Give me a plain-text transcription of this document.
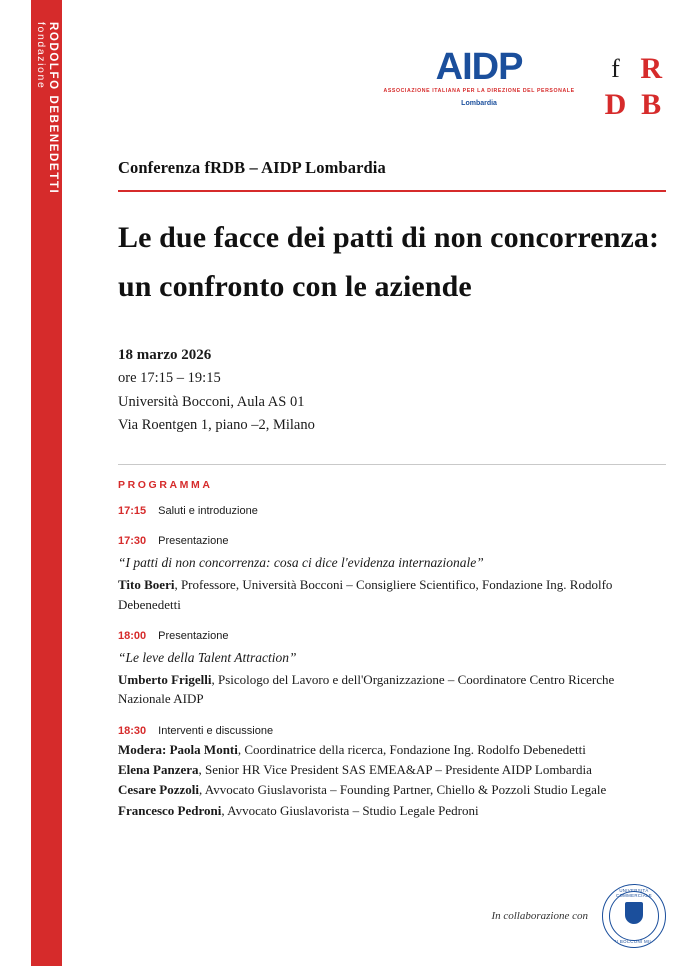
fondazione RODOLFO DEBENEDETTI	AIDP
ASSOCIAZIONE ITALIANA PER LA DIREZIONE DEL PERSONALE
Lombardia
f R
D B
Conferenza fRDB – AIDP Lombardia
Le due facce dei patti di non concorrenza: un confronto con le aziende
18 marzo 2026
ore 17:15 – 19:15
Università Bocconi, Aula AS 01
Via Roentgen 1, piano –2, Milano
PROGRAMMA
17:15 Saluti e introduzione
17:30 Presentazione
“I patti di non concorrenza: cosa ci dice l'evidenza internazionale”
Tito Boeri, Professore, Università Bocconi – Consigliere Scientifico, Fondazione Ing. Rodolfo Debenedetti
18:00 Presentazione
“Le leve della Talent Attraction”
Umberto Frigelli, Psicologo del Lavoro e dell'Organizzazione – Coordinatore Centro Ricerche Nazionale AIDP
18:30 Interventi e discussione
Modera: Paola Monti, Coordinatrice della ricerca, Fondazione Ing. Rodolfo Debenedetti
Elena Panzera, Senior HR Vice President SAS EMEA&AP – Presidente AIDP Lombardia
Cesare Pozzoli, Avvocato Giuslavorista – Founding Partner, Chiello & Pozzoli Studio Legale
Francesco Pedroni, Avvocato Giuslavorista – Studio Legale Pedroni
In collaborazione con
UNIVERSITÀ COMMERCIALE
LUIGI BOCCONI MILANO
